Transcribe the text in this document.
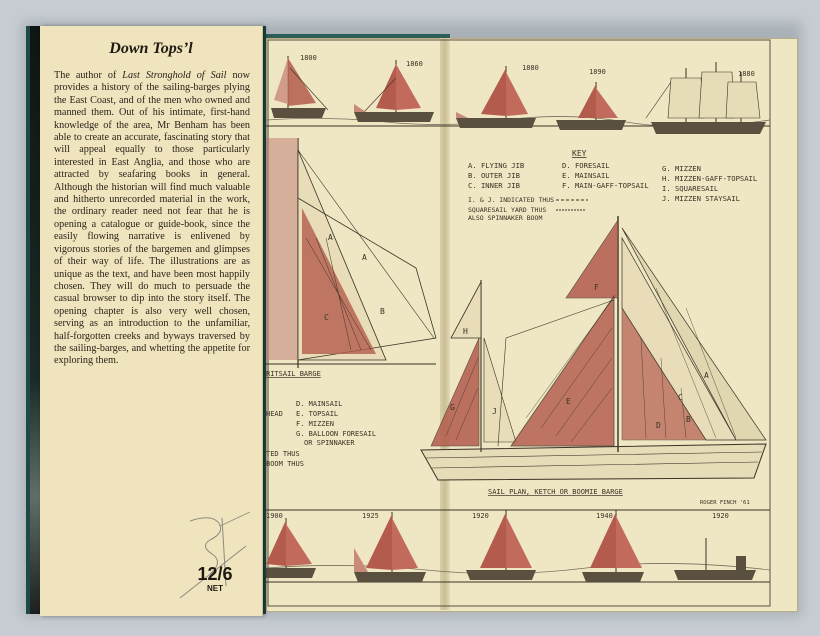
1800
1860	1880	1890	1880
KEY
A. FLYING JIB
B. OUTER JIB
C. INNER JIB
D. FORESAIL
E. MAINSAIL
F. MAIN-GAFF-TOPSAIL
G. MIZZEN
H. MIZZEN-GAFF-TOPSAIL
I. SQUARESAIL
J. MIZZEN STAYSAIL
I. & J. INDICATED THUS
SQUARESAIL YARD THUS
ALSO SPINNAKER BOOM
A
A
C
B
RITSAIL BARGE
D. MAINSAIL
HEAD E. TOPSAIL
F. MIZZEN
G. BALLOON FORESAIL
OR SPINNAKER
TED THUS
BOOM THUS
H
G	J
F
E
D
C
B
A
SAIL PLAN, KETCH OR BOOMIE BARGE
ROGER FINCH '61
1900	1925	1920	1940	1920
Down Tops’l
The author of Last Stronghold of Sail now provides a history of the sailing-barges plying the East Coast, and of the men who owned and manned them. Out of his intimate, first-hand knowledge of the area, Mr Benham has been able to create an accurate, fascinating story that will appeal equally to those particularly interested in East Anglia, and those who are attracted by seafaring books in general. Although the historian will find much valuable and hitherto unrecorded material in the work, the ordinary reader need not fear that he is opening a catalogue or guide-book, since the easily flowing narrative is enlivened by vigorous stories of the bargemen and glimpses of their way of life. The illustrations are as unique as the text, and have been most happily chosen. They will do much to persuade the casual browser to dip into the story itself. The opening chapter is also very well chosen, serving as an introduction to the unfamiliar, half-forgotten creeks and byways traversed by the sailing-barges, and whetting the appetite for exploring them.
12/6
NET
